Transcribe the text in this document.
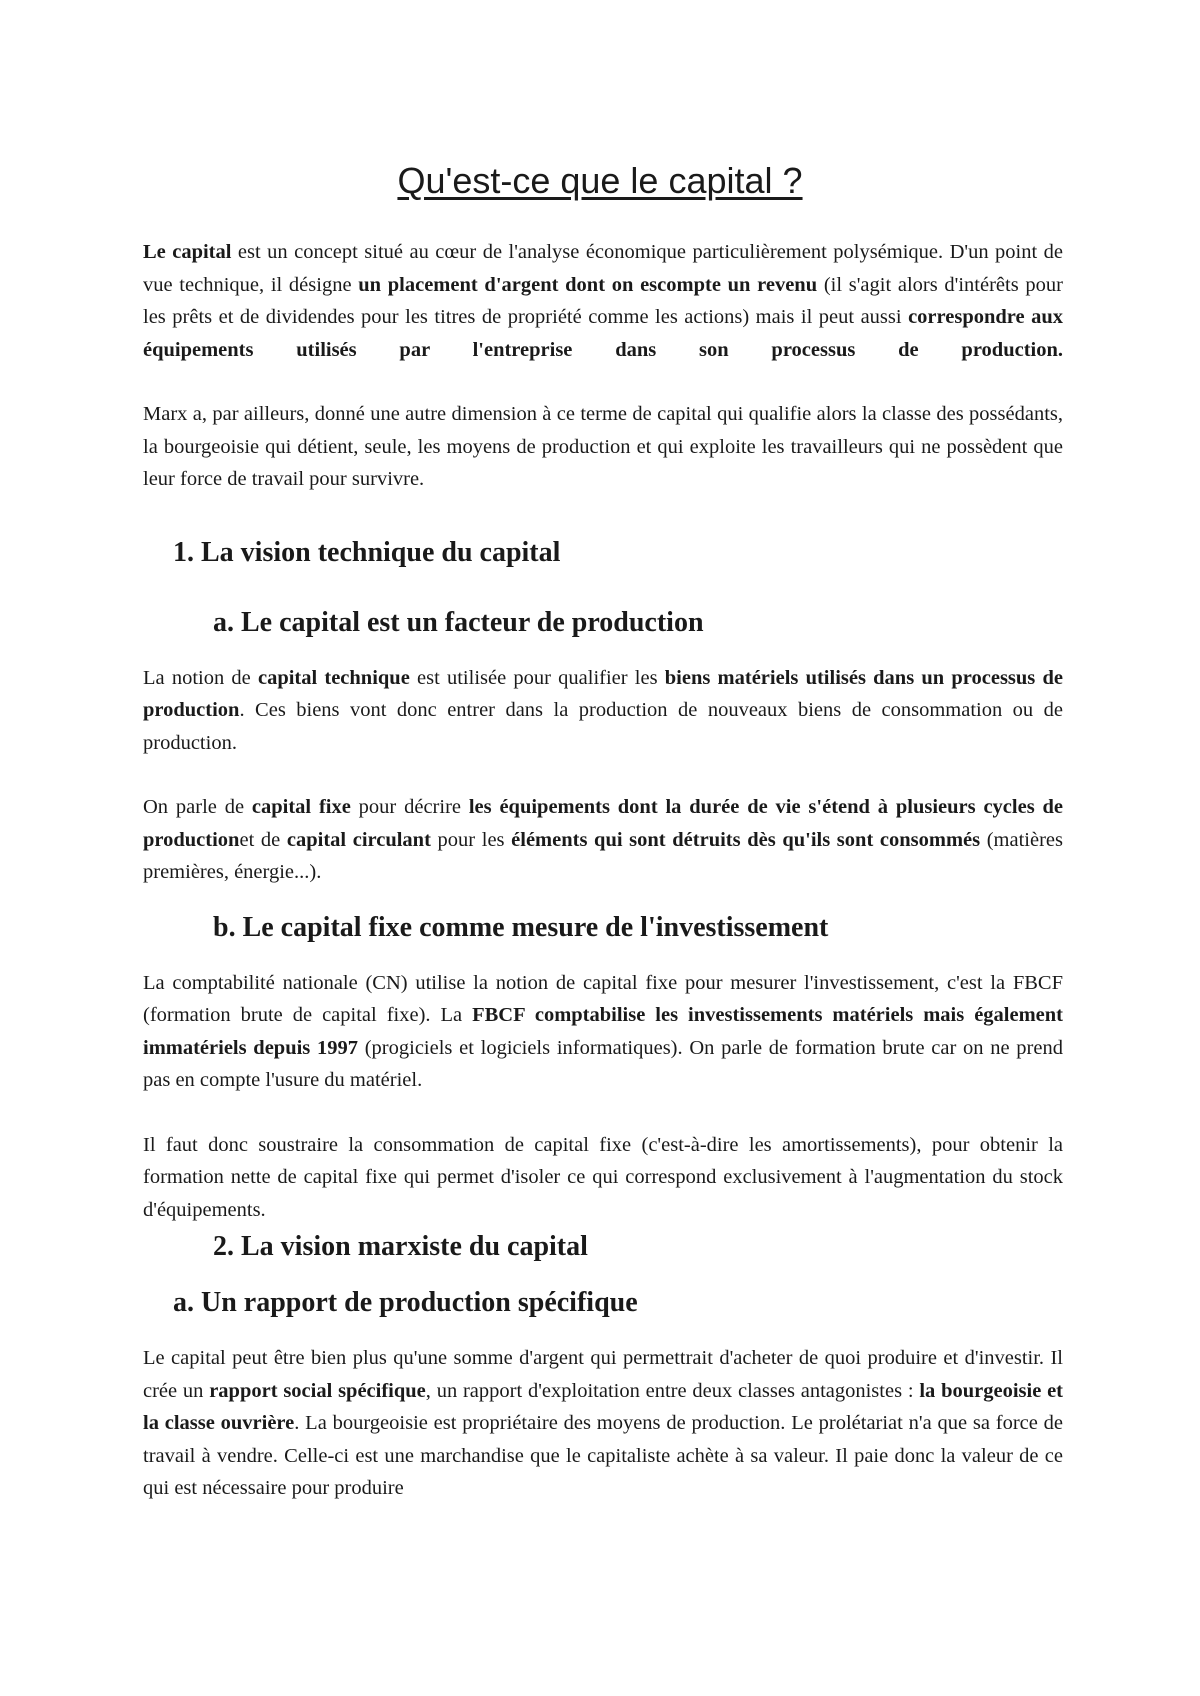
Qu'est-ce que le capital ?

Le capital est un concept situé au cœur de l'analyse économique particulièrement polysémique. D'un point de vue technique, il désigne un placement d'argent dont on escompte un revenu (il s'agit alors d'intérêts pour les prêts et de dividendes pour les titres de propriété comme les actions) mais il peut aussi correspondre aux équipements utilisés par l'entreprise dans son processus de production.

Marx a, par ailleurs, donné une autre dimension à ce terme de capital qui qualifie alors la classe des possédants, la bourgeoisie qui détient, seule, les moyens de production et qui exploite les travailleurs qui ne possèdent que leur force de travail pour survivre.

1. La vision technique du capital
a. Le capital est un facteur de production

La notion de capital technique est utilisée pour qualifier les biens matériels utilisés dans un processus de production. Ces biens vont donc entrer dans la production de nouveaux biens de consommation ou de production.

On parle de capital fixe pour décrire les équipements dont la durée de vie s'étend à plusieurs cycles de productionet de capital circulant pour les éléments qui sont détruits dès qu'ils sont consommés (matières premières, énergie...).

b. Le capital fixe comme mesure de l'investissement

La comptabilité nationale (CN) utilise la notion de capital fixe pour mesurer l'investissement, c'est la FBCF (formation brute de capital fixe). La FBCF comptabilise les investissements matériels mais également immatériels depuis 1997 (progiciels et logiciels informatiques). On parle de formation brute car on ne prend pas en compte l'usure du matériel.

Il faut donc soustraire la consommation de capital fixe (c'est-à-dire les amortissements), pour obtenir la formation nette de capital fixe qui permet d'isoler ce qui correspond exclusivement à l'augmentation du stock d'équipements.

2. La vision marxiste du capital
a. Un rapport de production spécifique

Le capital peut être bien plus qu'une somme d'argent qui permettrait d'acheter de quoi produire et d'investir. Il crée un rapport social spécifique, un rapport d'exploitation entre deux classes antagonistes : la bourgeoisie et la classe ouvrière. La bourgeoisie est propriétaire des moyens de production. Le prolétariat n'a que sa force de travail à vendre. Celle-ci est une marchandise que le capitaliste achète à sa valeur. Il paie donc la valeur de ce qui est nécessaire pour produire
